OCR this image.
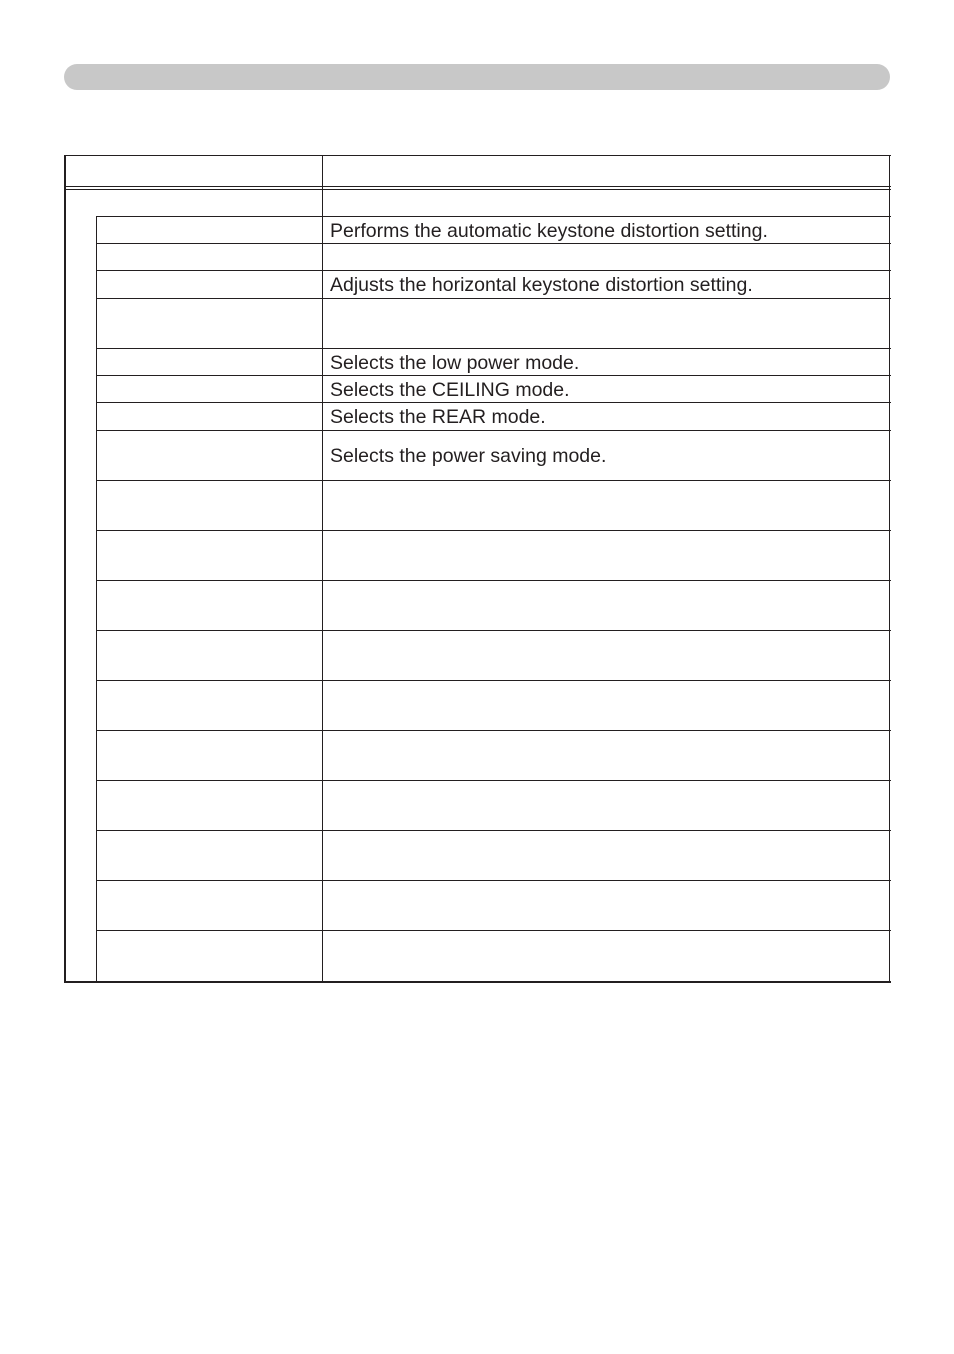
Performs the automatic keystone distortion setting.
Adjusts the horizontal keystone distortion setting.
Selects the low power mode.
Selects the CEILING mode.
Selects the REAR mode.
Selects the power saving mode.
